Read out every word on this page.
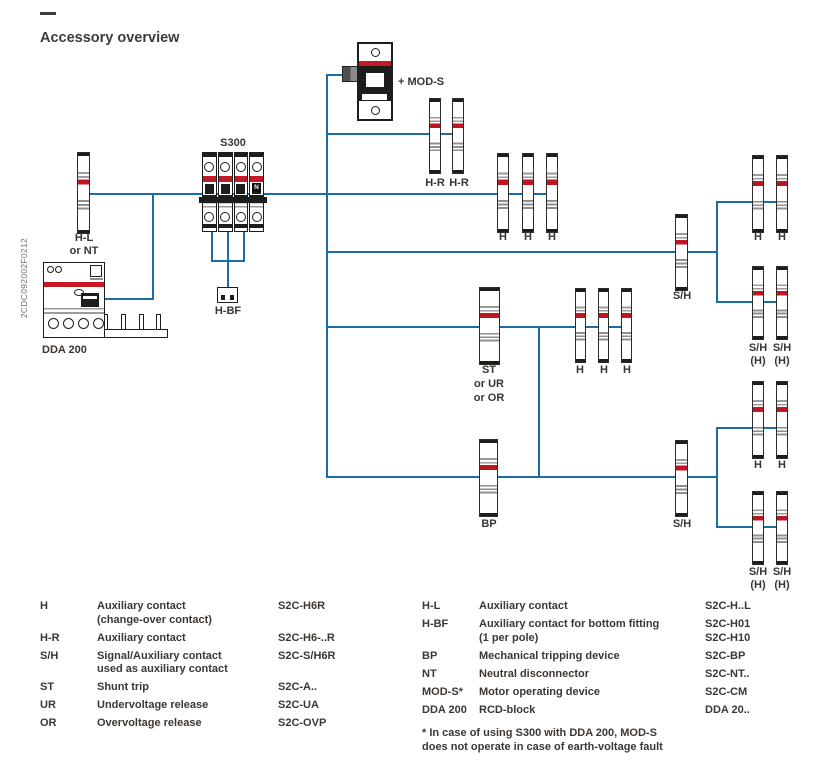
Accessory overview
2CDC092002F0212	H-L
or NT
S300
+ MOD-S
H-R H-R
H-BF
DDA 200
H H H
S/H
H H
S/H S/H
(H) (H)
ST
or UR
or OR
H H H
BP	S/H
H H
S/H S/H
(H) (H)
N
H	Auxiliary contact
(change-over contact)
S2C-H6R
H-R	Auxiliary contact	S2C-H6-..R
S/H	Signal/Auxiliary contact
used as auxiliary contact
S2C-S/H6R
ST	Shunt trip	S2C-A..
UR	Undervoltage release	S2C-UA
OR	Overvoltage release	S2C-OVP
H-L	Auxiliary contact	S2C-H..L
H-BF	Auxiliary contact for bottom fitting
(1 per pole)
S2C-H01
S2C-H10
BP	Mechanical tripping device	S2C-BP
NT	Neutral disconnector	S2C-NT..
MOD-S*	Motor operating device	S2C-CM
DDA 200	RCD-block	DDA 20..
* In case of using S300 with DDA 200, MOD-S
does not operate in case of earth-voltage fault
